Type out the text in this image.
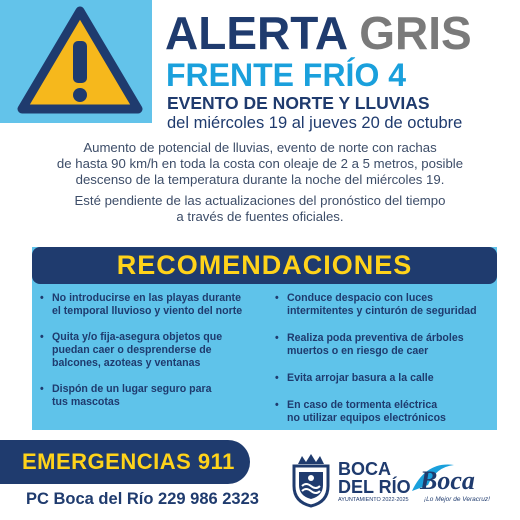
ALERTA GRIS
FRENTE FRÍO 4
EVENTO DE NORTE Y LLUVIAS
del miércoles 19 al jueves 20 de octubre

Aumento de potencial de lluvias, evento de norte con rachas
de hasta 90 km/h en toda la costa con oleaje de 2 a 5 metros, posible
descenso de la temperatura durante la noche del miércoles 19.

Esté pendiente de las actualizaciones del pronóstico del tiempo
a través de fuentes oficiales.

RECOMENDACIONES
• No introducirse en las playas durante
el temporal lluvioso y viento del norte
• Quita y/o fija-asegura objetos que
puedan caer o desprenderse de
balcones, azoteas y ventanas
• Dispón de un lugar seguro para
tus mascotas
• Conduce despacio con luces
intermitentes y cinturón de seguridad
• Realiza poda preventiva de árboles
muertos o en riesgo de caer
• Evita arrojar basura a la calle
• En caso de tormenta eléctrica
no utilizar equipos electrónicos
EMERGENCIAS 911
PC Boca del Río 229 986 2323
BOCA
DEL RÍO
AYUNTAMIENTO 2022-2025
Boca
¡Lo Mejor de Veracruz!
